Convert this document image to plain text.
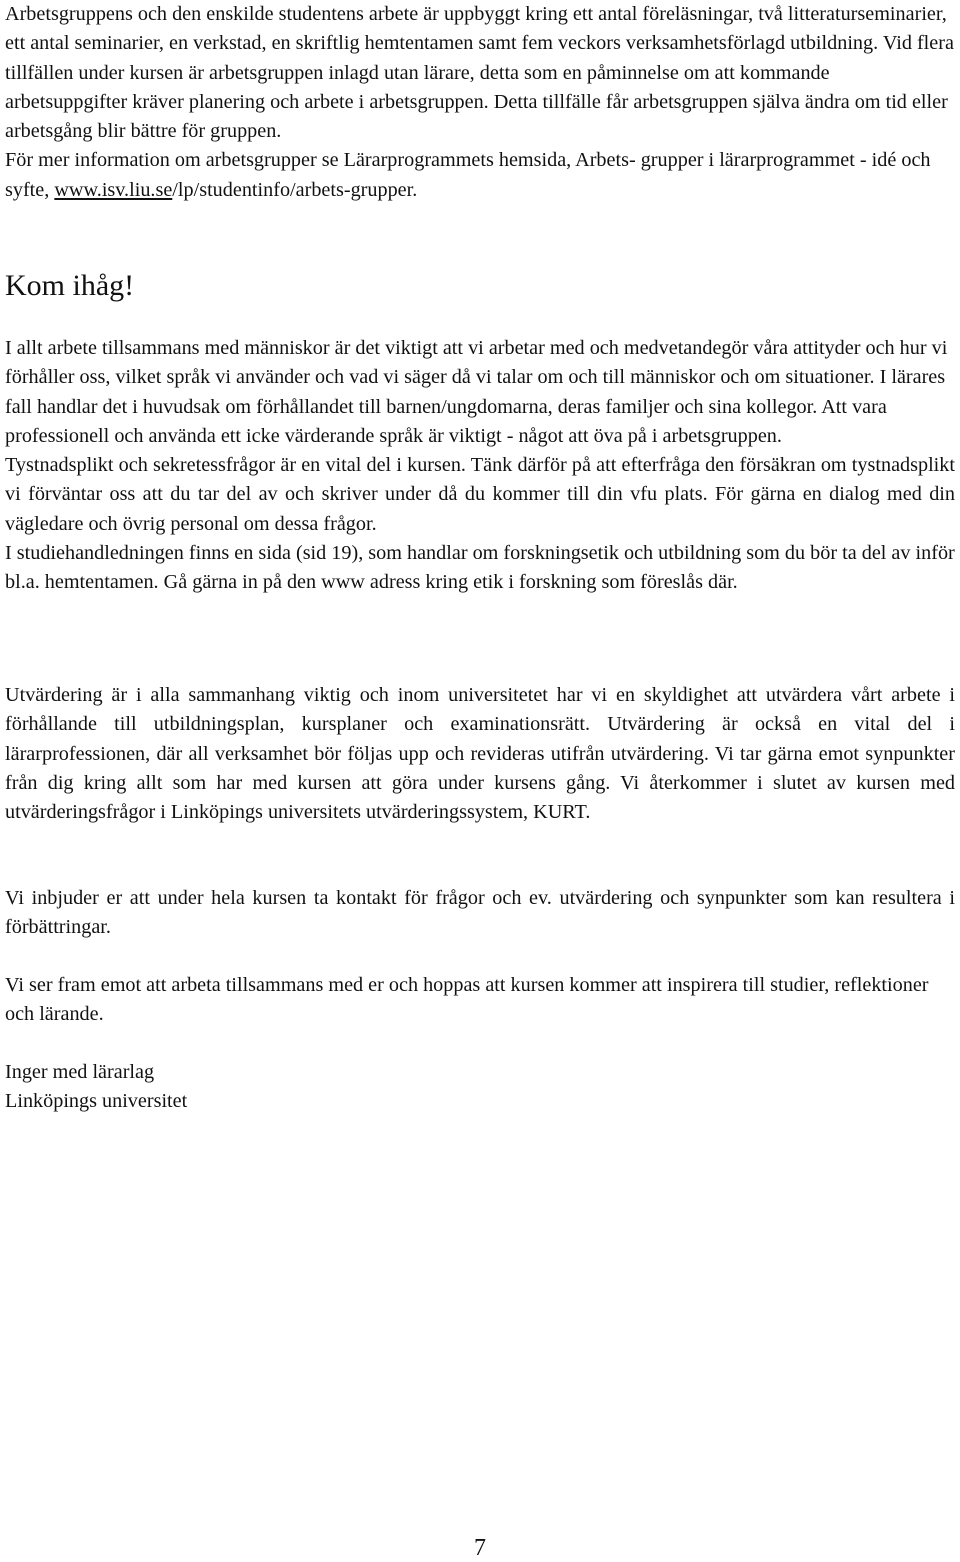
Arbetsgruppens och den enskilde studentens arbete är uppbyggt kring ett antal föreläsningar, två litteraturseminarier, ett antal seminarier, en verkstad, en skriftlig hemtentamen samt fem veckors verksamhetsförlagd utbildning. Vid flera tillfällen under kursen är arbetsgruppen inlagd utan lärare, detta som en påminnelse om att kommande arbetsuppgifter kräver planering och arbete i arbetsgruppen. Detta tillfälle får arbetsgruppen själva ändra om tid eller arbetsgång blir bättre för gruppen.

För mer information om arbetsgrupper se Lärarprogrammets hemsida, Arbets- grupper i lärarprogrammet - idé och syfte, www.isv.liu.se/lp/studentinfo/arbets-grupper.

Kom ihåg!

I allt arbete tillsammans med människor är det viktigt att vi arbetar med och medvetandegör våra attityder och hur vi förhåller oss, vilket språk vi använder och vad vi säger då vi talar om och till människor och om situationer. I lärares fall handlar det i huvudsak om förhållandet till barnen/ungdomarna, deras familjer och sina kollegor. Att vara professionell och använda ett icke värderande språk är viktigt - något att öva på i arbetsgruppen.

Tystnadsplikt och sekretessfrågor är en vital del i kursen. Tänk därför på att efterfråga den försäkran om tystnadsplikt vi förväntar oss att du tar del av och skriver under då du kommer till din vfu plats. För gärna en dialog med din vägledare och övrig personal om dessa frågor.

I studiehandledningen finns en sida (sid 19), som handlar om forskningsetik och utbildning som du bör ta del av inför bl.a. hemtentamen. Gå gärna in på den www adress kring etik i forskning som föreslås där.

Utvärdering är i alla sammanhang viktig och inom universitetet har vi en skyldighet att utvärdera vårt arbete i förhållande till utbildningsplan, kursplaner och examinationsrätt. Utvärdering är också en vital del i lärarprofessionen, där all verksamhet bör följas upp och revideras utifrån utvärdering. Vi tar gärna emot synpunkter från dig kring allt som har med kursen att göra under kursens gång. Vi återkommer i slutet av kursen med utvärderingsfrågor i Linköpings universitets utvärderingssystem, KURT.

Vi inbjuder er att under hela kursen ta kontakt för frågor och ev. utvärdering och synpunkter som kan resultera i förbättringar.

Vi ser fram emot att arbeta tillsammans med er och hoppas att kursen kommer att inspirera till studier, reflektioner och lärande.

Inger med lärarlag

Linköpings universitet

7
